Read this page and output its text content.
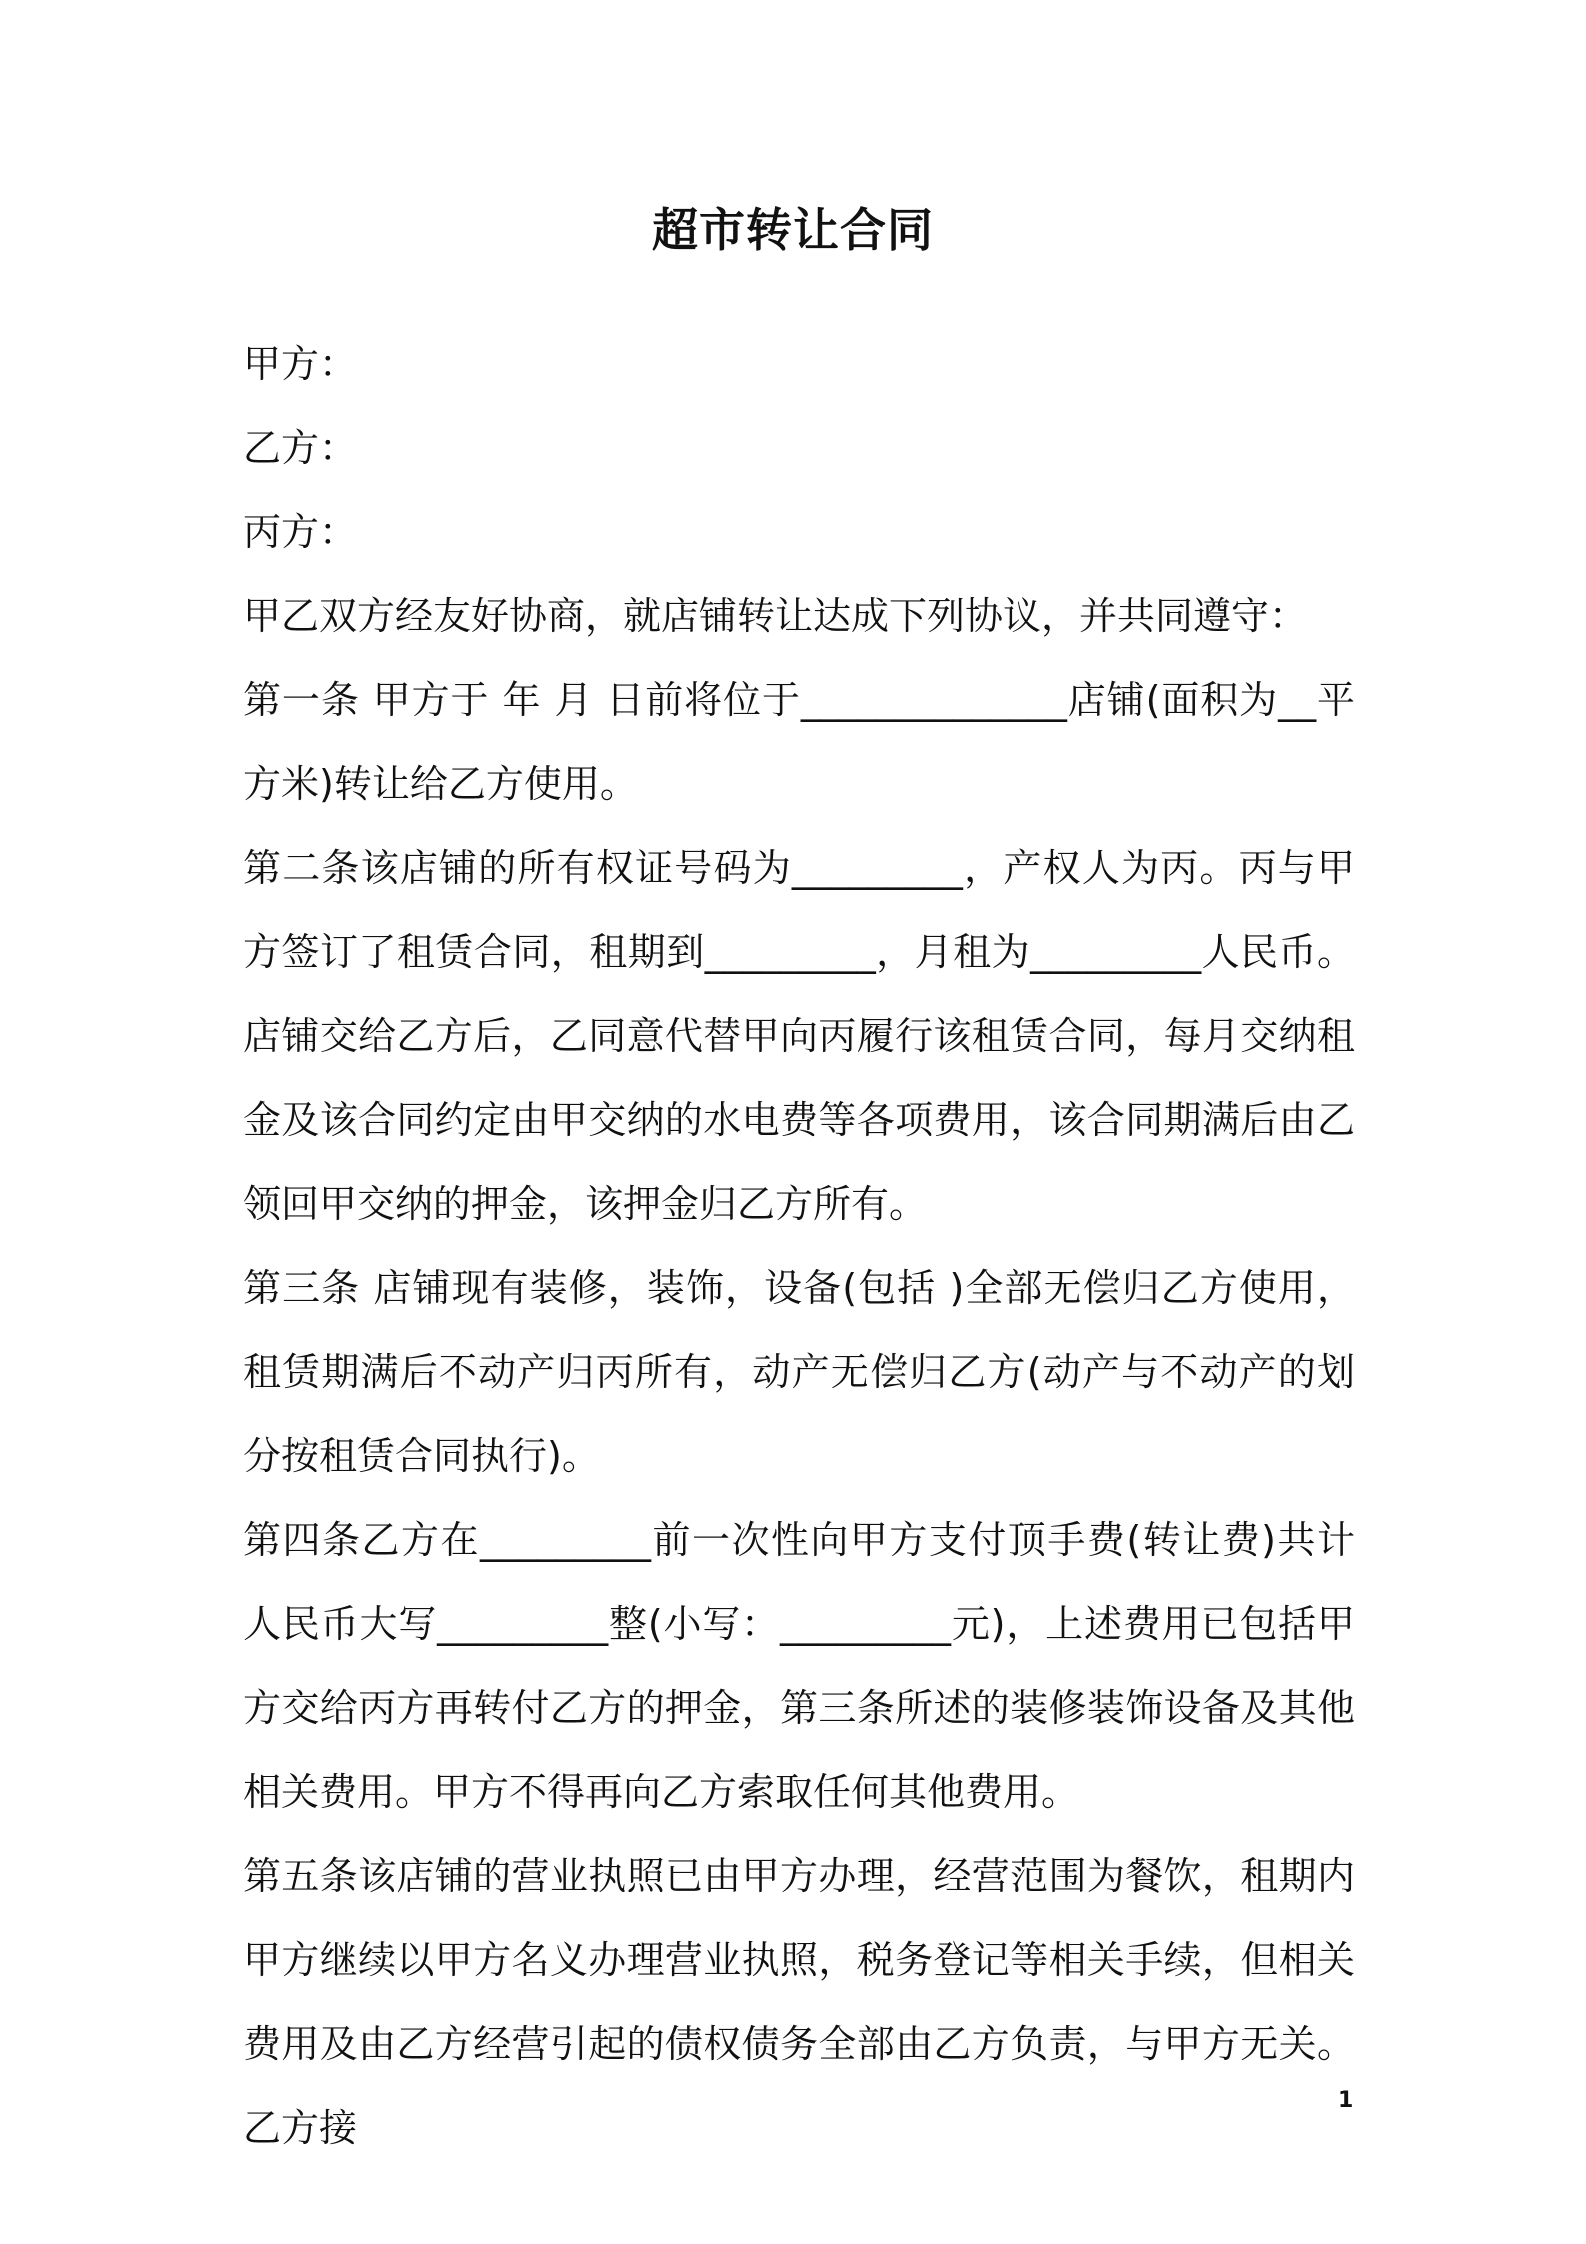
超市转让合同

甲方：

乙方：

丙方：

甲乙双方经友好协商，就店铺转让达成下列协议，并共同遵守：

第一条 甲方于 年 月 日前将位于______________店铺(面积为__平方米)转让给乙方使用。

第二条该店铺的所有权证号码为_________，产权人为丙。丙与甲方签订了租赁合同，租期到_________，月租为_________人民币。店铺交给乙方后，乙同意代替甲向丙履行该租赁合同，每月交纳租金及该合同约定由甲交纳的水电费等各项费用，该合同期满后由乙领回甲交纳的押金，该押金归乙方所有。

第三条 店铺现有装修，装饰，设备(包括 )全部无偿归乙方使用，租赁期满后不动产归丙所有，动产无偿归乙方(动产与不动产的划分按租赁合同执行)。

第四条乙方在_________前一次性向甲方支付顶手费(转让费)共计人民币大写_________整(小写：_________元)，上述费用已包括甲方交给丙方再转付乙方的押金，第三条所述的装修装饰设备及其他相关费用。甲方不得再向乙方索取任何其他费用。

第五条该店铺的营业执照已由甲方办理，经营范围为餐饮，租期内甲方继续以甲方名义办理营业执照，税务登记等相关手续，但相关费用及由乙方经营引起的债权债务全部由乙方负责，与甲方无关。乙方接

1
